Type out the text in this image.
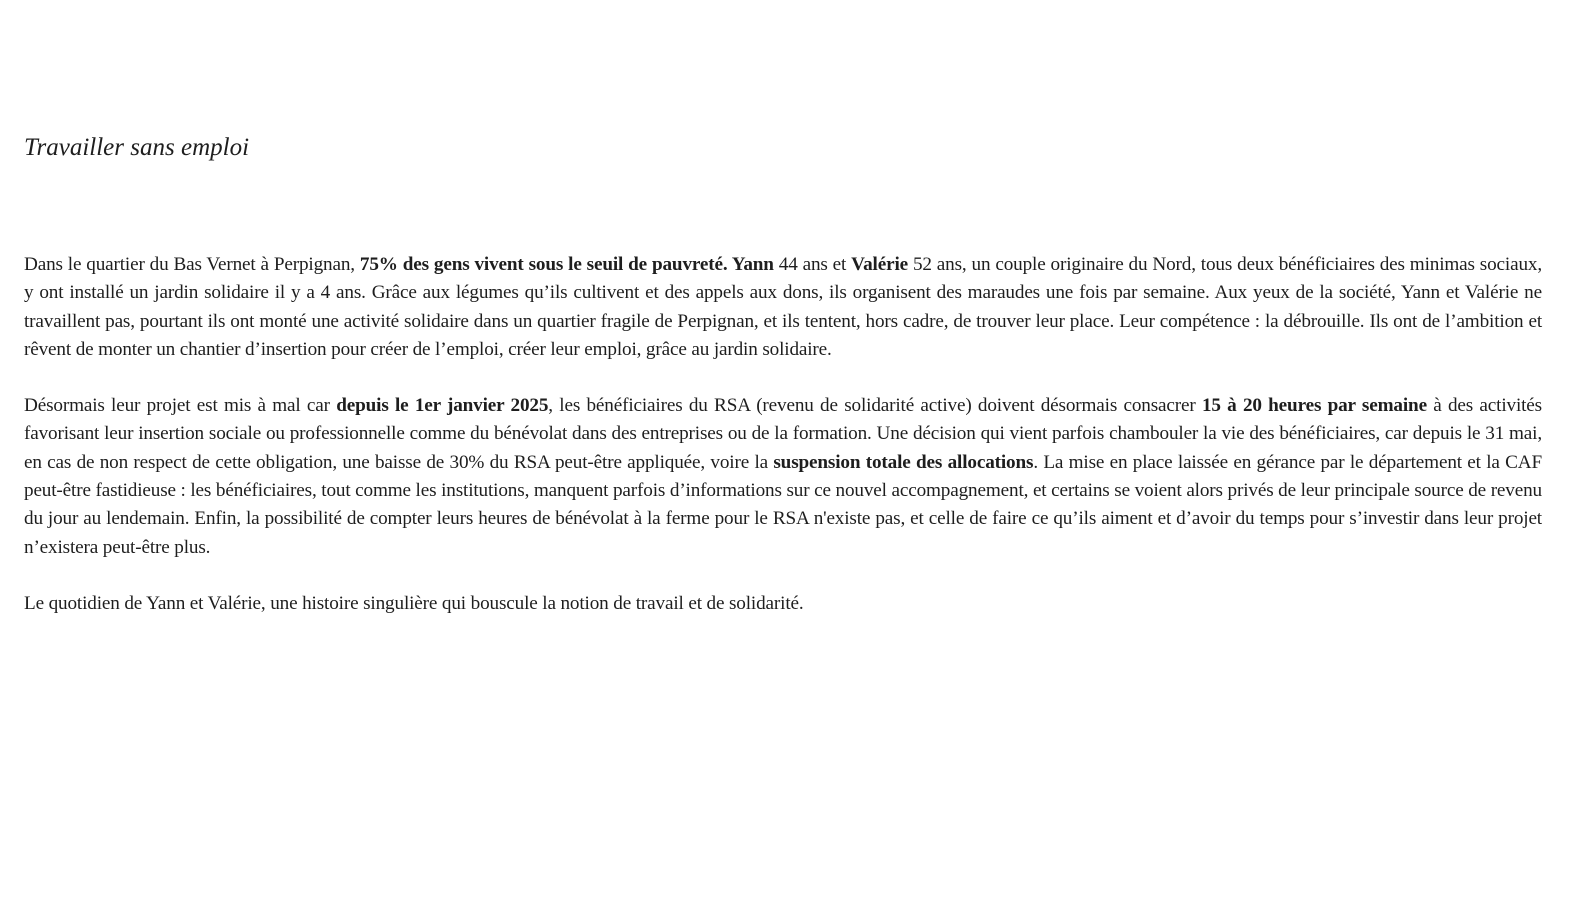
Travailler sans emploi

Dans le quartier du Bas Vernet à Perpignan, 75% des gens vivent sous le seuil de pauvreté. Yann 44 ans et Valérie 52 ans, un couple originaire du Nord, tous deux bénéficiaires des minimas sociaux, y ont installé un jardin solidaire il y a 4 ans. Grâce aux légumes qu’ils cultivent et des appels aux dons, ils organisent des maraudes une fois par semaine. Aux yeux de la société, Yann et Valérie ne travaillent pas, pourtant ils ont monté une activité solidaire dans un quartier fragile de Perpignan, et ils tentent, hors cadre, de trouver leur place. Leur compétence : la débrouille. Ils ont de l’ambition et rêvent de monter un chantier d’insertion pour créer de l’emploi, créer leur emploi, grâce au jardin solidaire.

Désormais leur projet est mis à mal car depuis le 1er janvier 2025, les bénéficiaires du RSA (revenu de solidarité active) doivent désormais consacrer 15 à 20 heures par semaine à des activités favorisant leur insertion sociale ou professionnelle comme du bénévolat dans des entreprises ou de la formation. Une décision qui vient parfois chambouler la vie des bénéficiaires, car depuis le 31 mai, en cas de non respect de cette obligation, une baisse de 30% du RSA peut-être appliquée, voire la suspension totale des allocations. La mise en place laissée en gérance par le département et la CAF peut-être fastidieuse : les bénéficiaires, tout comme les institutions, manquent parfois d’informations sur ce nouvel accompagnement, et certains se voient alors privés de leur principale source de revenu du jour au lendemain. Enfin, la possibilité de compter leurs heures de bénévolat à la ferme pour le RSA n'existe pas, et celle de faire ce qu’ils aiment et d’avoir du temps pour s’investir dans leur projet n’existera peut-être plus.

Le quotidien de Yann et Valérie, une histoire singulière qui bouscule la notion de travail et de solidarité.
